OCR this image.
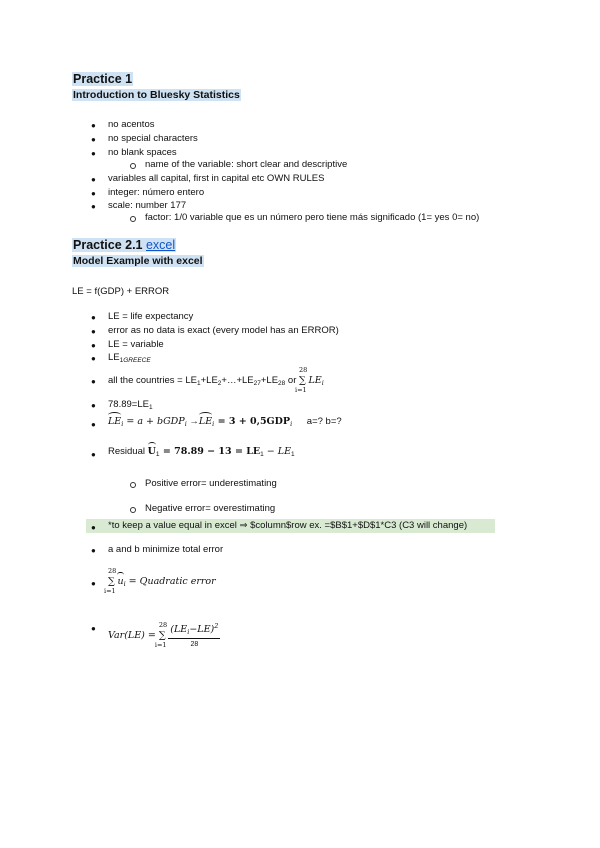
Practice 1
Introduction to Bluesky Statistics
● no acentos
● no special characters
● no blank spaces
name of the variable: short clear and descriptive
● variables all capital, first in capital etc OWN RULES
● integer: número entero
● scale: number 177
factor: 1/0 variable que es un número pero tiene más significado (1= yes 0= no)
Practice 2.1 excel
Model Example with excel
LE = f(GDP) + ERROR
● LE = life expectancy
● error as no data is exact (every model has an ERROR)
● LE = variable
● $LE_{1GREECE}$
● all the countries = $LE_1+LE_2+\dots+LE_{27}+LE_{28}$ or
28
∑
i=1
$LE_i$
● $78.89=LE_1$
● $LE_i = a$ + bGDP$_i$ $\to LE_i = 3 + 0,5GDP_i$ a=? b=?
● Residual $U_1 = 78.89 - 13 = LE_1 - LE_1$
Positive error= underestimating
Negative error= overestimating
● *to keep a value equal in excel ⇒ $column$row ex. =$B$1+$D$1*C3 (C3 will change)
● a and b minimize total error
●
28
∑
i=1
$u_i$ = Quadratic error
●
Var(LE) =
28
∑
i=1
$\frac{(LE_i-LE)^2}{28}$
